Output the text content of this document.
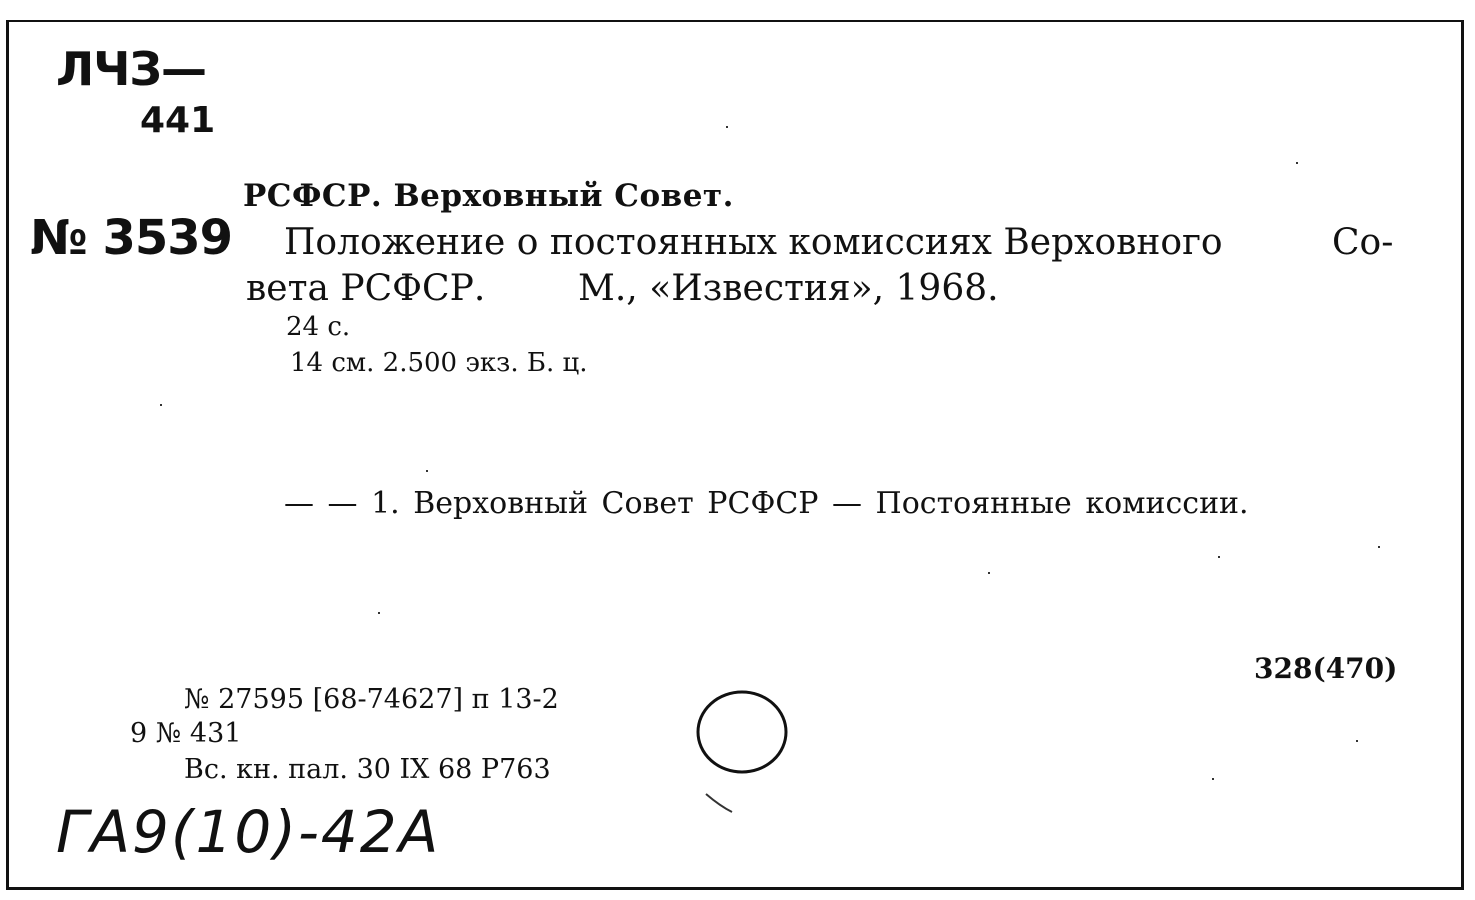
ЛЧЗ—
441
№ 3539
ГА9(10)-42А
РСФСР. Верховный Совет.
Положение о постоянных комиссиях Верховного	Со-
вета РСФСР.	М., «Известия», 1968.
24 с.
14 см. 2.500 экз. Б. ц.
— — 1. Верховный Совет РСФСР — Постоянные комиссии.
328(470)
№ 27595 [68-74627] п 13-2
9 № 431
Вс. кн. пал. 30 IX 68 Р763
